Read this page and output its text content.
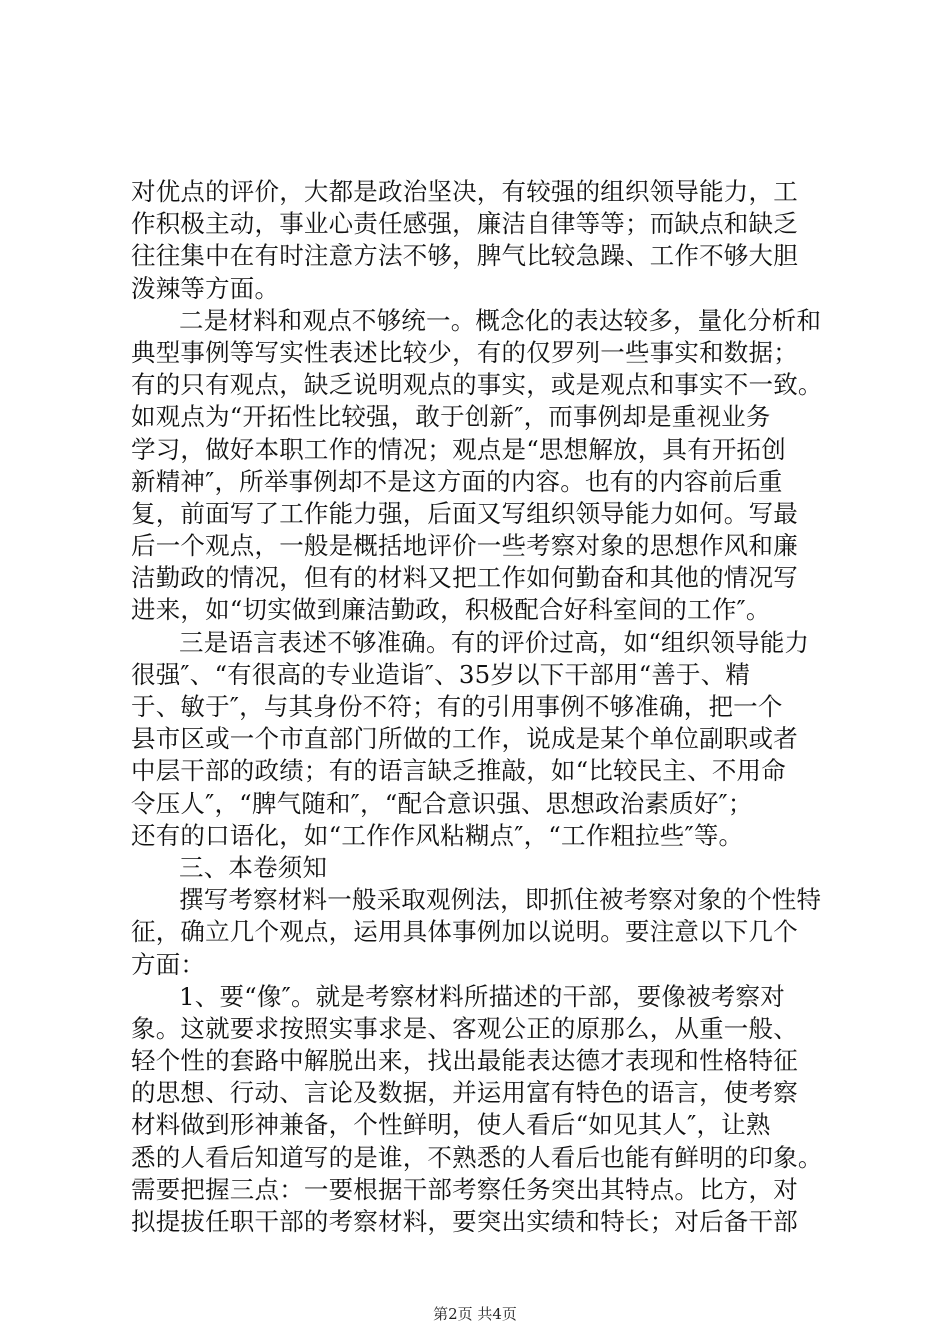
对优点的评价，大都是政治坚决，有较强的组织领导能力，工
作积极主动，事业心责任感强，廉洁自律等等；而缺点和缺乏
往往集中在有时注意方法不够，脾气比较急躁、工作不够大胆
泼辣等方面。
二是材料和观点不够统一。概念化的表达较多，量化分析和
典型事例等写实性表述比较少，有的仅罗列一些事实和数据；
有的只有观点，缺乏说明观点的事实，或是观点和事实不一致。
如观点为“开拓性比较强，敢于创新″，而事例却是重视业务
学习，做好本职工作的情况；观点是“思想解放，具有开拓创
新精神″，所举事例却不是这方面的内容。也有的内容前后重
复，前面写了工作能力强，后面又写组织领导能力如何。写最
后一个观点，一般是概括地评价一些考察对象的思想作风和廉
洁勤政的情况，但有的材料又把工作如何勤奋和其他的情况写
进来，如“切实做到廉洁勤政，积极配合好科室间的工作″。
三是语言表述不够准确。有的评价过高，如“组织领导能力
很强″、“有很高的专业造诣″、35岁以下干部用“善于、精
于、敏于″，与其身份不符；有的引用事例不够准确，把一个
县市区或一个市直部门所做的工作，说成是某个单位副职或者
中层干部的政绩；有的语言缺乏推敲，如“比较民主、不用命
令压人″，“脾气随和″，“配合意识强、思想政治素质好″；
还有的口语化，如“工作作风粘糊点″，“工作粗拉些″等。
三、本卷须知
撰写考察材料一般采取观例法，即抓住被考察对象的个性特
征，确立几个观点，运用具体事例加以说明。要注意以下几个
方面：
1、要“像″。就是考察材料所描述的干部，要像被考察对
象。这就要求按照实事求是、客观公正的原那么，从重一般、
轻个性的套路中解脱出来，找出最能表达德才表现和性格特征
的思想、行动、言论及数据，并运用富有特色的语言，使考察
材料做到形神兼备，个性鲜明，使人看后“如见其人″，让熟
悉的人看后知道写的是谁，不熟悉的人看后也能有鲜明的印象。
需要把握三点：一要根据干部考察任务突出其特点。比方，对
拟提拔任职干部的考察材料，要突出实绩和特长；对后备干部
第2页 共4页
